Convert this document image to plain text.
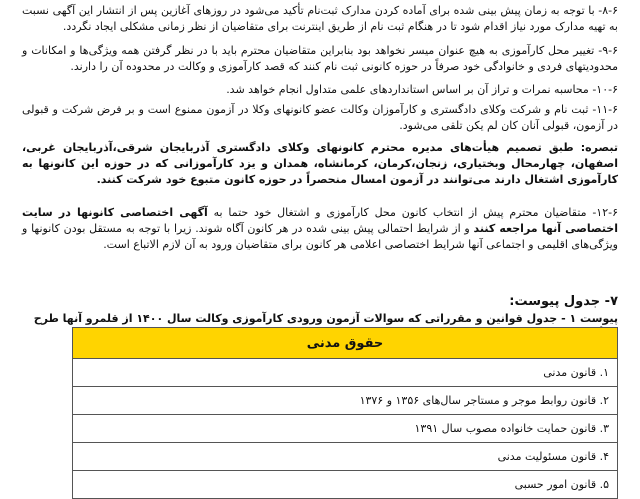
۸-۶- با توجه به زمان پیش بینی شده برای آماده کردن مدارک ثبت‌نام تأکید می‌شود در روزهای آغازین پس از انتشار این آگهی نسبت به تهیه مدارک مورد نیاز اقدام شود تا در هنگام ثبت نام از طریق اینترنت برای متقاضیان از نظر زمانی مشکلی ایجاد نگردد.

۹-۶- تغییر محل کارآموزی به هیچ عنوان میسر نخواهد بود بنابراین متقاضیان محترم باید با در نظر گرفتن همه ویژگی‌ها و امکانات و محدودیتهای فردی و خانوادگی خود صرفاً در حوزه کانونی ثبت نام کنند که قصد کارآموزی و وکالت در محدوده آن را دارند.

۱۰-۶- محاسبه نمرات و تراز آن بر اساس استانداردهای علمی متداول انجام خواهد شد.

۱۱-۶- ثبت نام و شرکت وکلای دادگستری و کارآموزان وکالت عضو کانونهای وکلا در آزمون ممنوع است و بر فرض شرکت و قبولی در آزمون، قبولی آنان کان لم یکن تلقی می‌شود.

تبصره: طبق تصمیم هیأت‌های مدیره محترم کانونهای وکلای دادگستری آذربایجان شرقی،آذربایجان غربی، اصفهان، چهارمحال وبختیاری، زنجان،کرمان، کرمانشاه، همدان و یزد کارآموزانی که در حوزه این کانونها به کارآموزی اشتغال دارند می‌توانند در آزمون امسال منحصراً در حوزه کانون متبوع خود شرکت کنند.

۱۲-۶- متقاضیان محترم پیش از انتخاب کانون محل کارآموزی و اشتغال خود حتما به آگهی اختصاصی کانونها در سایت اختصاصی آنها مراجعه کنند و از شرایط احتمالی پیش بینی شده در هر کانون آگاه شوند. زیرا با توجه به مستقل بودن کانونها و ویژگی‌های اقلیمی و اجتماعی آنها شرایط اختصاصی اعلامی هر کانون برای متقاضیان ورود به آن لازم الاتباع است.

۷- جدول پیوست:

پیوست ۱ - جدول قوانین و مقرراتی که سوالات آزمون ورودی کارآموزی وکالت سال ۱۴۰۰ از قلمرو آنها طرح

حقوق مدنی
۱. قانون مدنی
۲. قانون روابط موجر و مستاجر سال‌های ۱۳۵۶ و ۱۳۷۶
۳. قانون حمایت خانواده مصوب سال ۱۳۹۱
۴. قانون مسئولیت مدنی
۵. قانون امور حسبی
